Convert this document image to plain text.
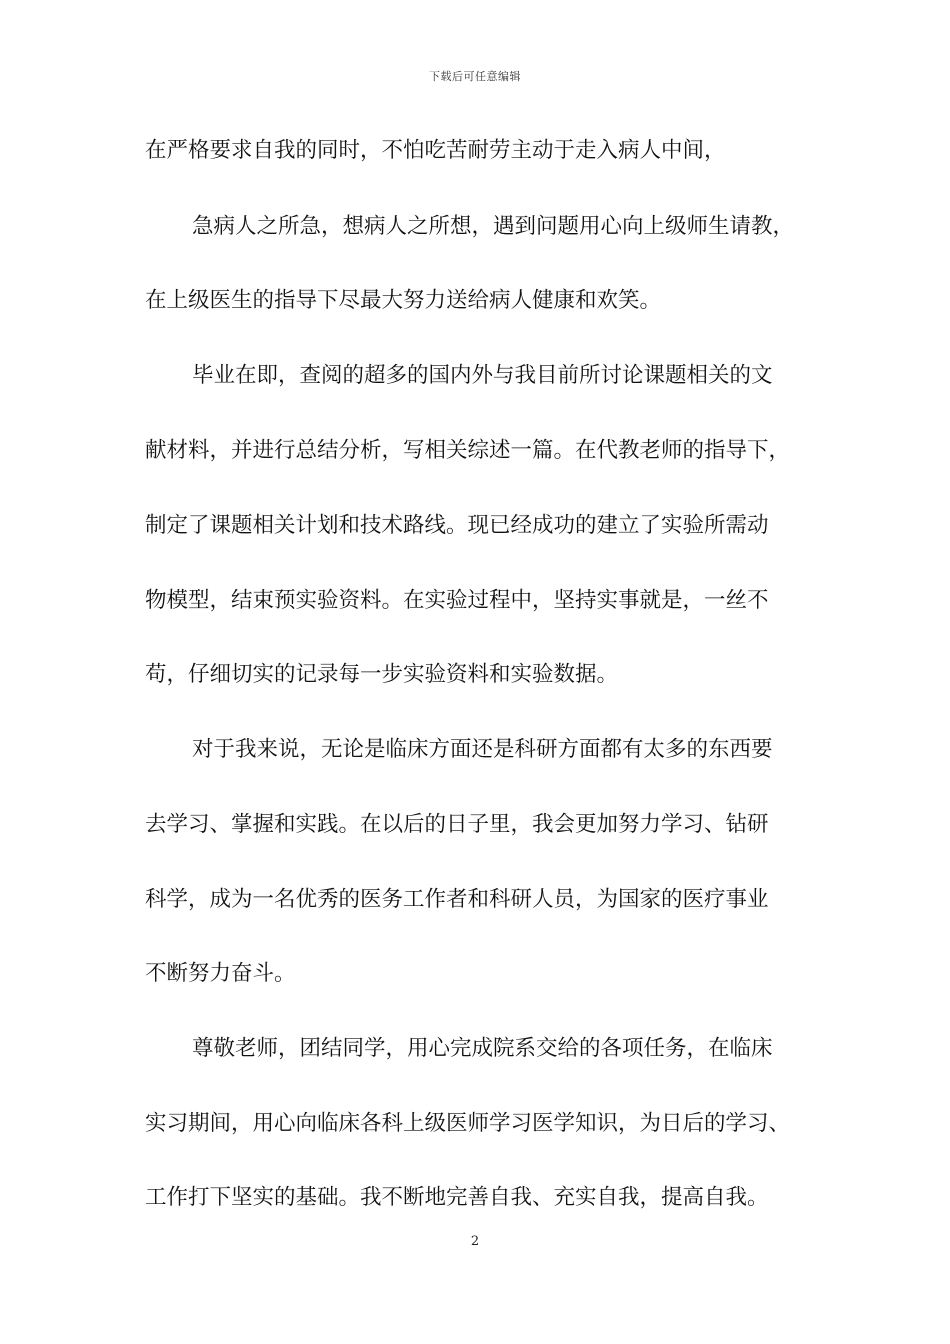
下载后可任意编辑
在严格要求自我的同时，不怕吃苦耐劳主动于走入病人中间，
急病人之所急，想病人之所想，遇到问题用心向上级师生请教，
在上级医生的指导下尽最大努力送给病人健康和欢笑。
毕业在即，查阅的超多的国内外与我目前所讨论课题相关的文
献材料，并进行总结分析，写相关综述一篇。在代教老师的指导下，
制定了课题相关计划和技术路线。现已经成功的建立了实验所需动
物模型，结束预实验资料。在实验过程中，坚持实事就是，一丝不
苟，仔细切实的记录每一步实验资料和实验数据。
对于我来说，无论是临床方面还是科研方面都有太多的东西要
去学习、掌握和实践。在以后的日子里，我会更加努力学习、钻研
科学，成为一名优秀的医务工作者和科研人员，为国家的医疗事业
不断努力奋斗。
尊敬老师，团结同学，用心完成院系交给的各项任务，在临床
实习期间，用心向临床各科上级医师学习医学知识，为日后的学习、
工作打下坚实的基础。我不断地完善自我、充实自我，提高自我。
2
